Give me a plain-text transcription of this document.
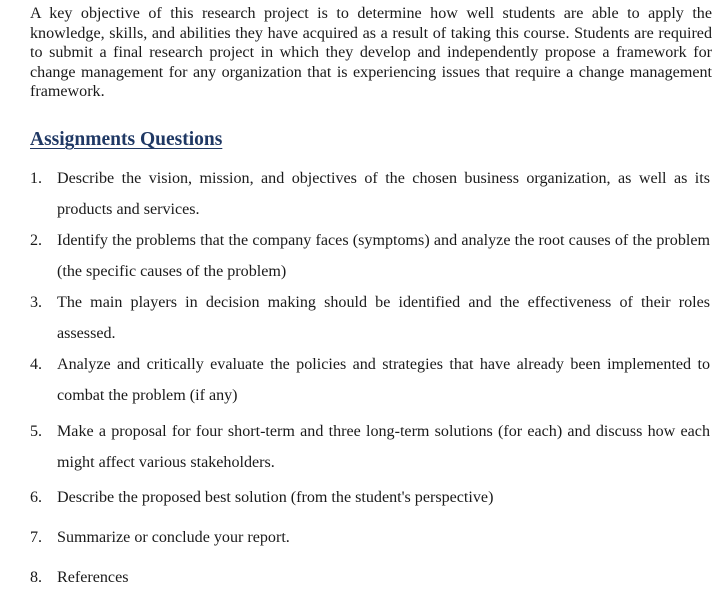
A key objective of this research project is to determine how well students are able to apply the knowledge, skills, and abilities they have acquired as a result of taking this course. Students are required to submit a final research project in which they develop and independently propose a framework for change management for any organization that is experiencing issues that require a change management framework.

Assignments Questions
1. Describe the vision, mission, and objectives of the chosen business organization, as well as its products and services.
2. Identify the problems that the company faces (symptoms) and analyze the root causes of the problem (the specific causes of the problem)
3. The main players in decision making should be identified and the effectiveness of their roles assessed.
4. Analyze and critically evaluate the policies and strategies that have already been implemented to combat the problem (if any)
5. Make a proposal for four short-term and three long-term solutions (for each) and discuss how each might affect various stakeholders.
6. Describe the proposed best solution (from the student's perspective)
7. Summarize or conclude your report.
8. References
